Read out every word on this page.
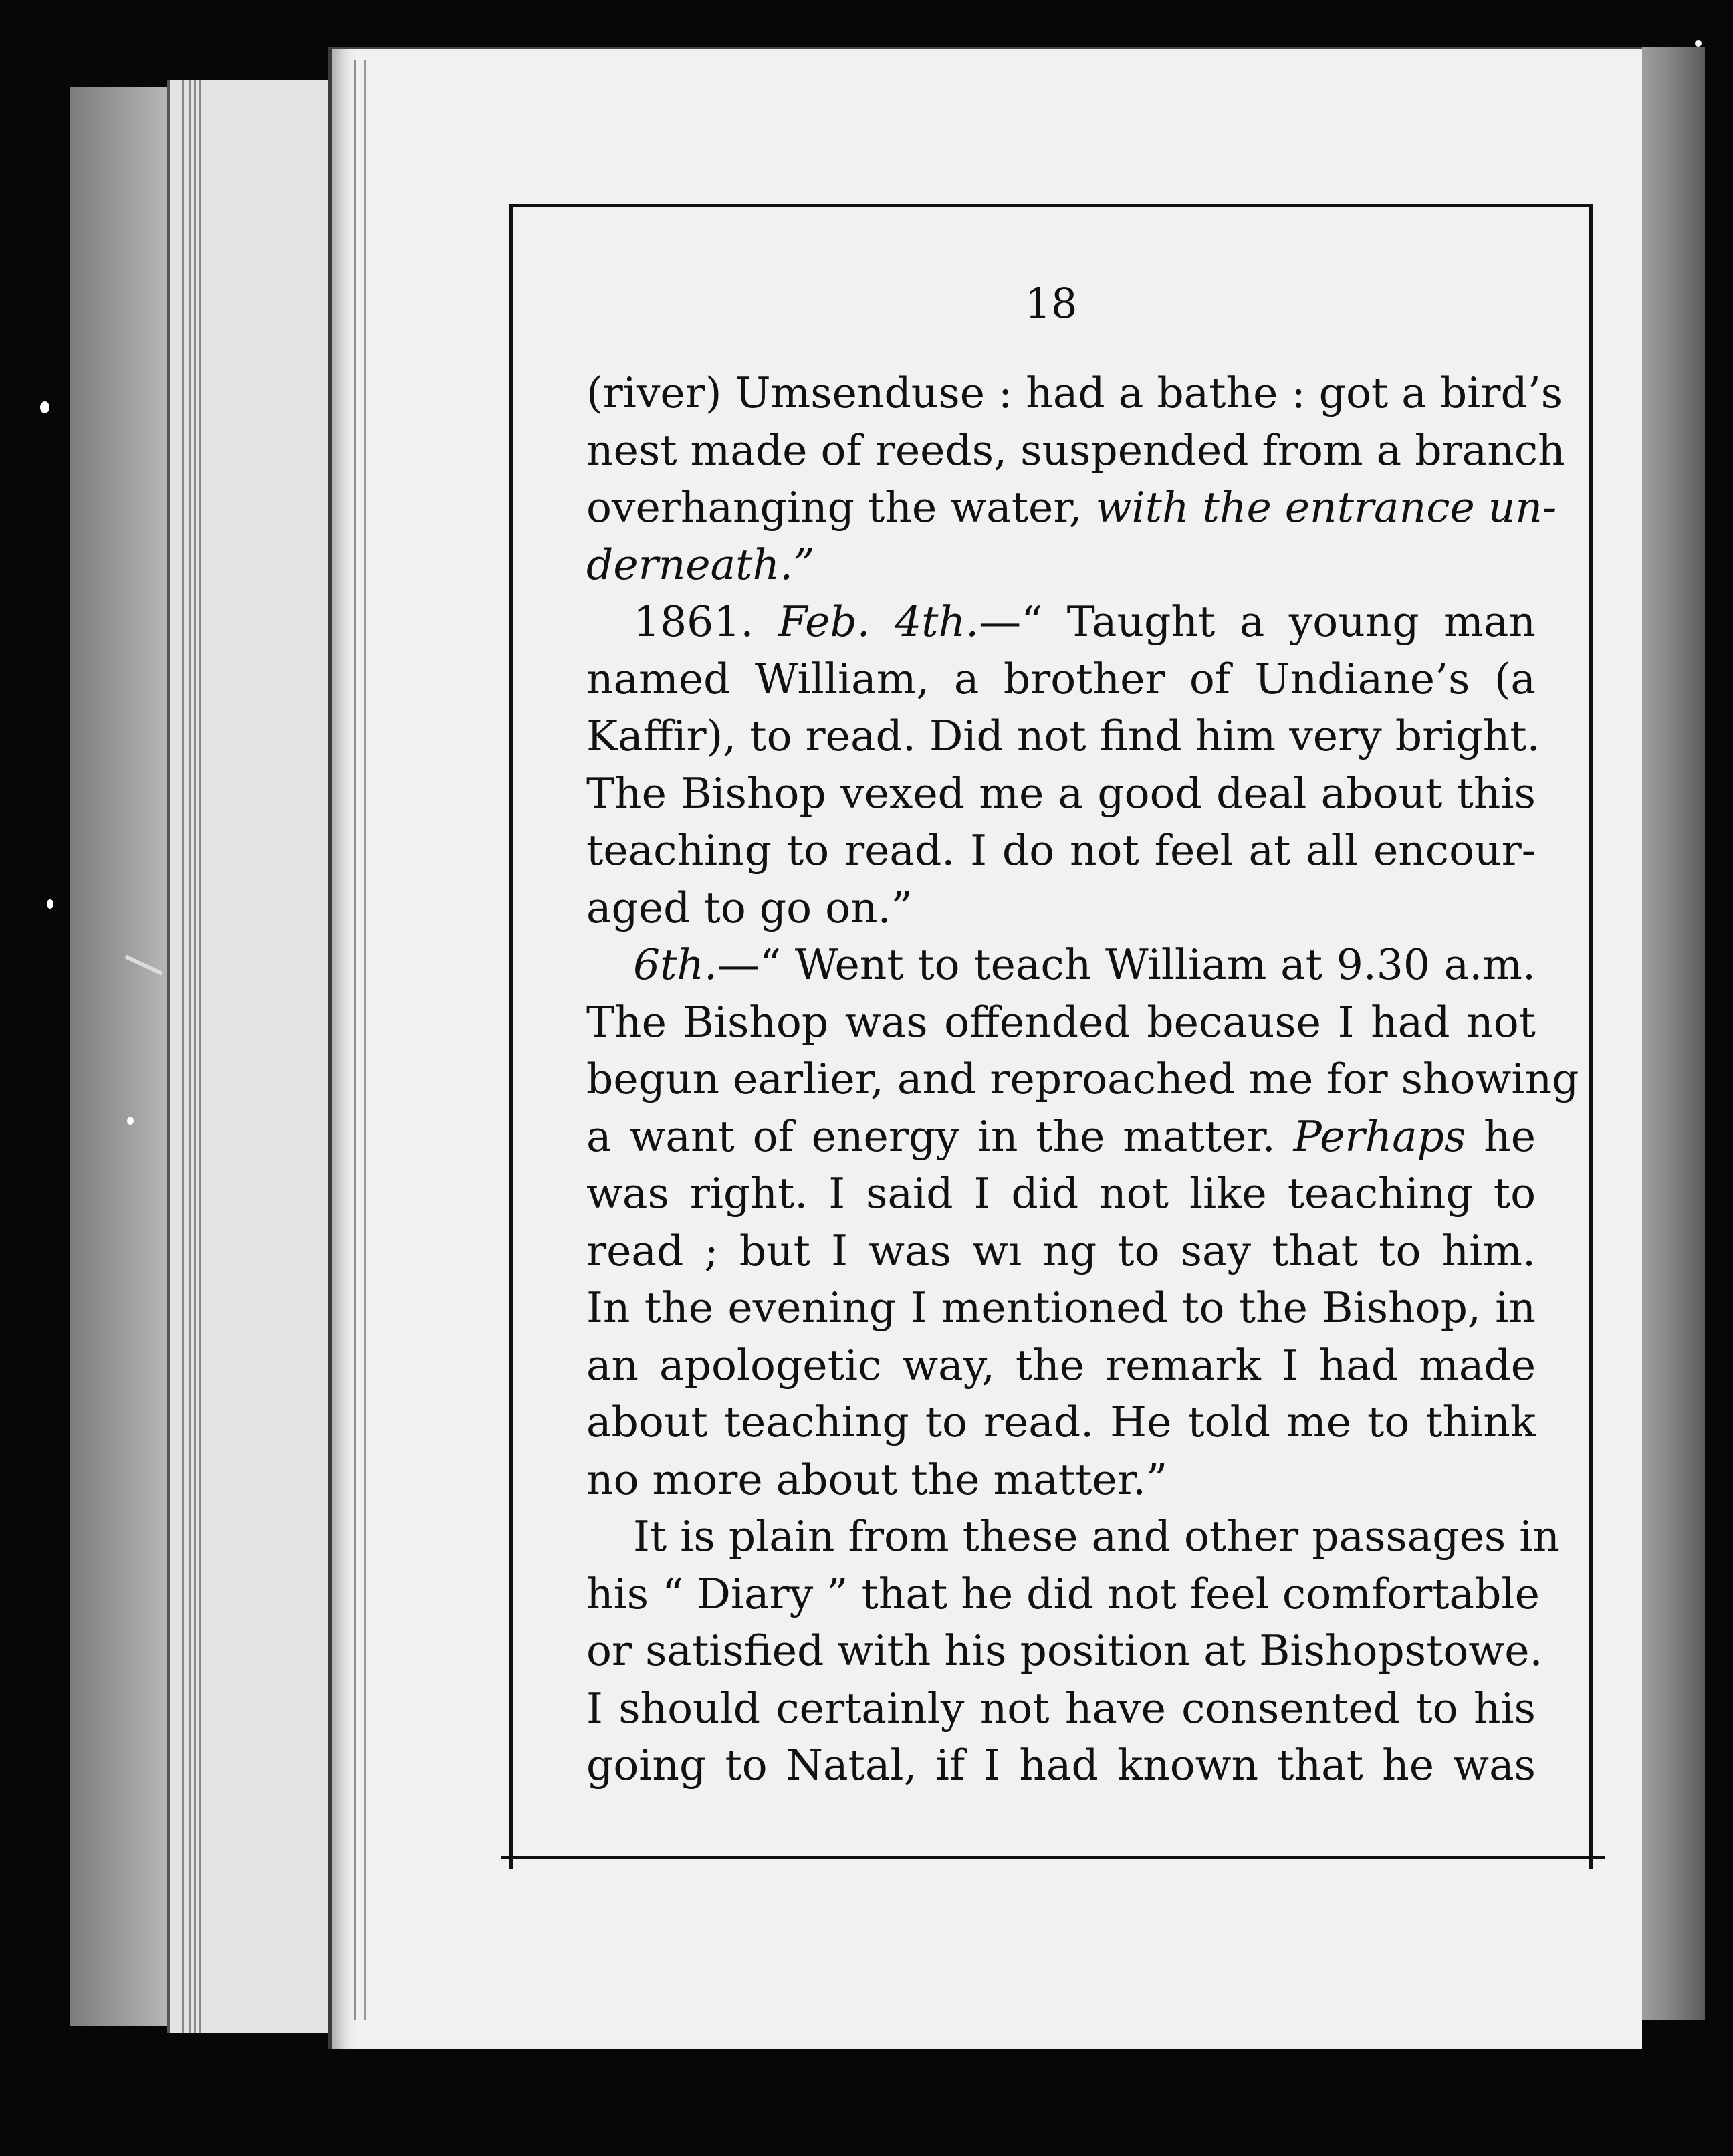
18
(river) Umsenduse : had a bathe : got a bird’s
nest made of reeds, suspended from a branch
overhanging the water, with the entrance un-
derneath.”
1861. Feb. 4th.—“ Taught a young man
named William, a brother of Undiane’s (a
Kaffir), to read. Did not find him very bright.
The Bishop vexed me a good deal about this
teaching to read. I do not feel at all encour-
aged to go on.”
6th.—“ Went to teach William at 9.30 a.m.
The Bishop was offended because I had not
begun earlier, and reproached me for showing
a want of energy in the matter. Perhaps he
was right. I said I did not like teaching to
read ; but I was wı ng to say that to him.
In the evening I mentioned to the Bishop, in
an apologetic way, the remark I had made
about teaching to read. He told me to think
no more about the matter.”
It is plain from these and other passages in
his “ Diary ” that he did not feel comfortable
or satisfied with his position at Bishopstowe.
I should certainly not have consented to his
going to Natal, if I had known that he was
